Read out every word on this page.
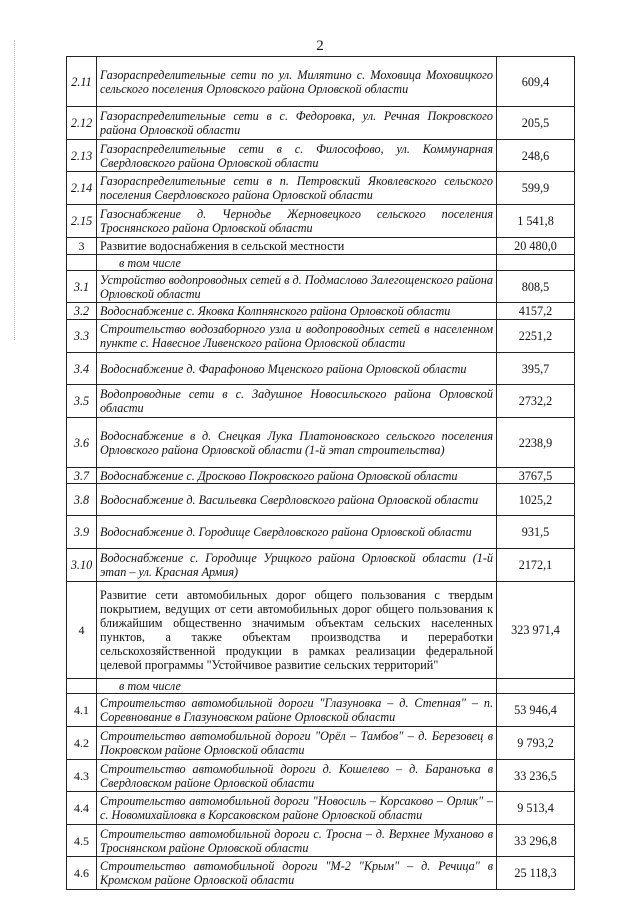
2
2.11	Газораспределительные сети по ул. Милятино с. Моховица Моховицкого сельского поселения Орловского района Орловской области	609,4
2.12	Газораспределительные сети в с. Федоровка, ул. Речная Покровского района Орловской области	205,5
2.13	Газораспределительные сети в с. Философово, ул. Коммунарная Свердловского района Орловской области	248,6
2.14	Газораспределительные сети в п. Петровский Яковлевского сельского поселения Свердловского района Орловской области	599,9
2.15	Газоснабжение д. Чернодье Жерновецкого сельского поселения Троснянского района Орловской области	1 541,8
3	Развитие водоснабжения в сельской местности	20 480,0
	в том числе	
3.1	Устройство водопроводных сетей в д. Подмаслово Залегощенского района Орловской области	808,5
3.2	Водоснабжение с. Яковка Колпнянского района Орловской области	4157,2
3.3	Строительство водозаборного узла и водопроводных сетей в населенном пункте с. Навесное Ливенского района Орловской области	2251,2
3.4	Водоснабжение д. Фарафоново Мценского района Орловской области	395,7
3.5	Водопроводные сети в с. Задушное Новосильского района Орловской области	2732,2
3.6	Водоснабжение в д. Снецкая Лука Платоновского сельского поселения Орловского района Орловской области (1-й этап строительства)	2238,9
3.7	Водоснабжение с. Дросково Покровского района Орловской области	3767,5
3.8	Водоснабжение д. Васильевка Свердловского района Орловской области	1025,2
3.9	Водоснабжение д. Городище Свердловского района Орловской области	931,5
3.10	Водоснабжение с. Городище Урицкого района Орловской области (1-й этап – ул. Красная Армия)	2172,1
4	Развитие сети автомобильных дорог общего пользования с твердым покрытием, ведущих от сети автомобильных дорог общего пользования к ближайшим общественно значимым объектам сельских населенных пунктов, а также объектам производства и переработки сельскохозяйственной продукции в рамках реализации федеральной целевой программы "Устойчивое развитие сельских территорий"	323 971,4
	в том числе	
4.1	Строительство автомобильной дороги "Глазуновка – д. Степная" – п. Соревнование в Глазуновском районе Орловской области	53 946,4
4.2	Строительство автомобильной дороги "Орёл – Тамбов" – д. Березовец в Покровском районе Орловской области	9 793,2
4.3	Строительство автомобильной дороги д. Кошелево – д. Бараноъка в Свердловском районе Орловской области	33 236,5
4.4	Строительство автомобильной дороги "Новосиль – Корсаково – Орлик" – с. Новомихайловка в Корсаковском районе Орловской области	9 513,4
4.5	Строительство автомобильной дороги с. Тросна – д. Верхнее Муханово в Троснянском районе Орловской области	33 296,8
4.6	Строительство автомобильной дороги "М-2 "Крым" – д. Речица" в Кромском районе Орловской области	25 118,3
